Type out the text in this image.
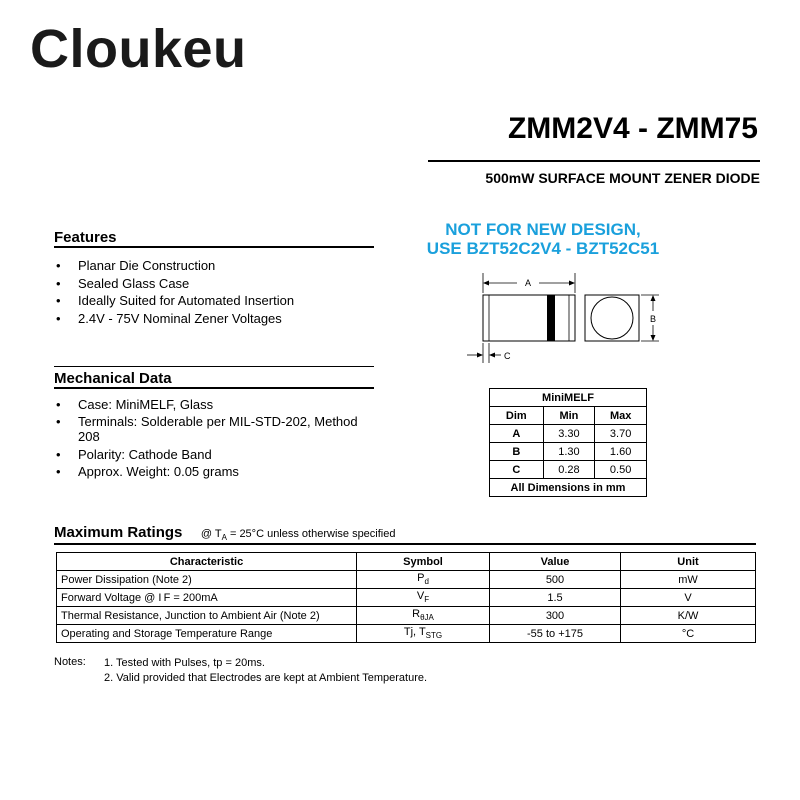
Cloukeu
ZMM2V4 - ZMM75
500mW SURFACE MOUNT ZENER DIODE
NOT FOR NEW DESIGN,
USE BZT52C2V4 - BZT52C51
Features
• Planar Die Construction
• Sealed Glass Case
• Ideally Suited for Automated Insertion
• 2.4V - 75V Nominal Zener Voltages
Mechanical Data
• Case: MiniMELF, Glass
• Terminals: Solderable per MIL-STD-202, Method 208
• Polarity: Cathode Band
• Approx. Weight: 0.05 grams
A
B
C
MiniMELF		
Dim	Min	Max
A	3.30	3.70
B	1.30	1.60
C	0.28	0.50
All Dimensions in mm		
Maximum Ratings @ $T_A = 25^\circ C$ unless otherwise specified
Characteristic	Symbol	Value	Unit
Power Dissipation (Note 2)	$P_d$	500	mW
Forward Voltage @ I F = 200mA	$V_F$	1.5	V
Thermal Resistance, Junction to Ambient Air (Note 2)	$R_{\theta JA}$	300	K/W
Operating and Storage Temperature Range	Tj, $T_{STG}$	-55 to +175	°C
Notes: 1. Tested with Pulses, tp = 20ms.
2. Valid provided that Electrodes are kept at Ambient Temperature.
